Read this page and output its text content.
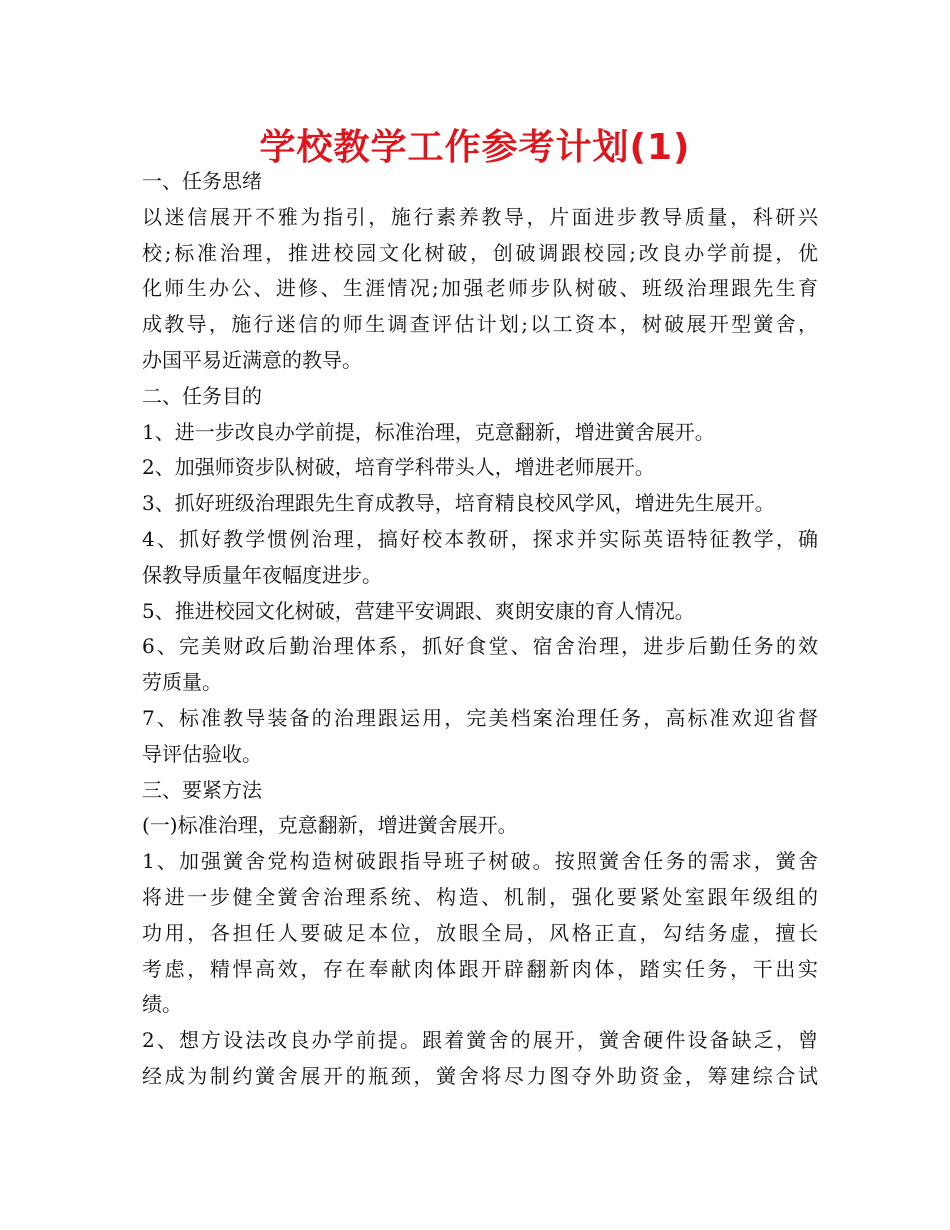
学校教学工作参考计划(1)
一、任务思绪
以迷信展开不雅为指引，施行素养教导，片面进步教导质量，科研兴
校;标准治理，推进校园文化树破，创破调跟校园;改良办学前提，优
化师生办公、进修、生涯情况;加强老师步队树破、班级治理跟先生育
成教导，施行迷信的师生调查评估计划;以工资本，树破展开型黉舍，
办国平易近满意的教导。
二、任务目的
1、进一步改良办学前提，标准治理，克意翻新，增进黉舍展开。
2、加强师资步队树破，培育学科带头人，增进老师展开。
3、抓好班级治理跟先生育成教导，培育精良校风学风，增进先生展开。
4、抓好教学惯例治理，搞好校本教研，探求并实际英语特征教学，确
保教导质量年夜幅度进步。
5、推进校园文化树破，营建平安调跟、爽朗安康的育人情况。
6、完美财政后勤治理体系，抓好食堂、宿舍治理，进步后勤任务的效
劳质量。
7、标准教导装备的治理跟运用，完美档案治理任务，高标准欢迎省督
导评估验收。
三、要紧方法
(一)标准治理，克意翻新，增进黉舍展开。
1、加强黉舍党构造树破跟指导班子树破。按照黉舍任务的需求，黉舍
将进一步健全黉舍治理系统、构造、机制，强化要紧处室跟年级组的
功用，各担任人要破足本位，放眼全局，风格正直，勾结务虚，擅长
考虑，精悍高效，存在奉献肉体跟开辟翻新肉体，踏实任务，干出实
绩。
2、想方设法改良办学前提。跟着黉舍的展开，黉舍硬件设备缺乏，曾
经成为制约黉舍展开的瓶颈，黉舍将尽力图夺外助资金，筹建综合试
